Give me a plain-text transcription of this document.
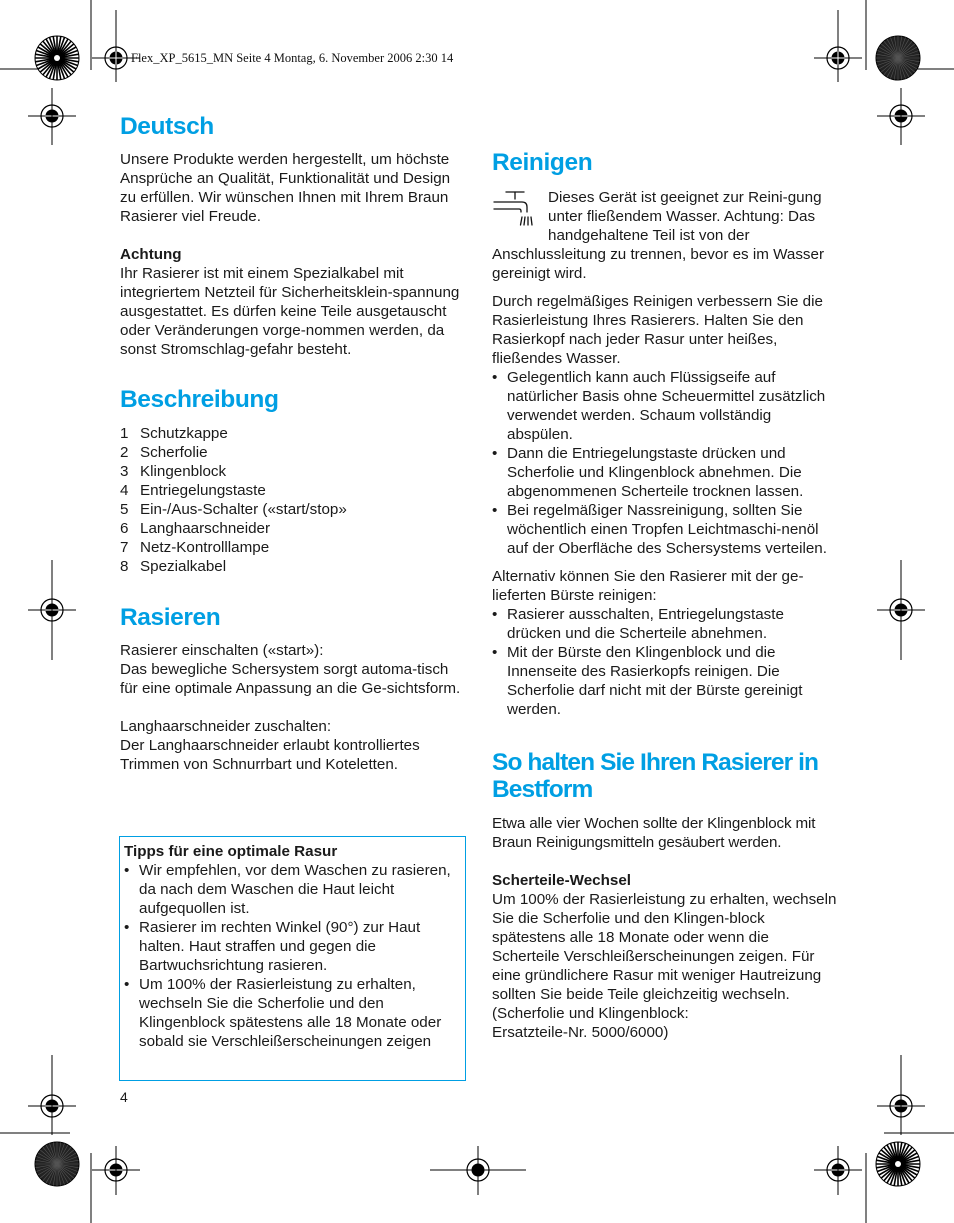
Flex_XP_5615_MN Seite 4 Montag, 6. November 2006 2:30 14
Deutsch

Unsere Produkte werden hergestellt, um höchste Ansprüche an Qualität, Funktionalität und Design zu erfüllen. Wir wünschen Ihnen mit Ihrem Braun Rasierer viel Freude.

Achtung

Ihr Rasierer ist mit einem Spezialkabel mit integriertem Netzteil für Sicherheitsklein-spannung ausgestattet. Es dürfen keine Teile ausgetauscht oder Veränderungen vorge-nommen werden, da sonst Stromschlag-gefahr besteht.

Beschreibung
1 Schutzkappe
2 Scherfolie
3 Klingenblock
4 Entriegelungstaste
5 Ein-/Aus-Schalter («start/stop»
6 Langhaarschneider
7 Netz-Kontrolllampe
8 Spezialkabel
Rasieren

Rasierer einschalten («start»):

Das bewegliche Schersystem sorgt automa-tisch für eine optimale Anpassung an die Ge-sichtsform.

Langhaarschneider zuschalten:

Der Langhaarschneider erlaubt kontrolliertes Trimmen von Schnurrbart und Koteletten.

Tipps für eine optimale Rasur

• Wir empfehlen, vor dem Waschen zu rasieren, da nach dem Waschen die Haut leicht aufgequollen ist.
• Rasierer im rechten Winkel (90°) zur Haut halten. Haut straffen und gegen die Bartwuchsrichtung rasieren.
• Um 100% der Rasierleistung zu erhalten, wechseln Sie die Scherfolie und den Klingenblock spätestens alle 18 Monate oder sobald sie Verschleißerscheinungen zeigen
4
Reinigen

Dieses Gerät ist geeignet zur Reini-gung unter fließendem Wasser. Achtung: Das handgehaltene Teil ist von der Anschlussleitung zu trennen, bevor es im Wasser gereinigt wird.

Durch regelmäßiges Reinigen verbessern Sie die Rasierleistung Ihres Rasierers. Halten Sie den Rasierkopf nach jeder Rasur unter heißes, fließendes Wasser.

• Gelegentlich kann auch Flüssigseife auf natürlicher Basis ohne Scheuermittel zusätzlich verwendet werden. Schaum vollständig abspülen.
• Dann die Entriegelungstaste drücken und Scherfolie und Klingenblock abnehmen. Die abgenommenen Scherteile trocknen lassen.
• Bei regelmäßiger Nassreinigung, sollten Sie wöchentlich einen Tropfen Leichtmaschi-nenöl auf der Oberfläche des Schersystems verteilen.

Alternativ können Sie den Rasierer mit der ge-lieferten Bürste reinigen:

• Rasierer ausschalten, Entriegelungstaste drücken und die Scherteile abnehmen.
• Mit der Bürste den Klingenblock und die Innenseite des Rasierkopfs reinigen. Die Scherfolie darf nicht mit der Bürste gereinigt werden.
So halten Sie Ihren Rasierer in Bestform

Etwa alle vier Wochen sollte der Klingenblock mit Braun Reinigungsmitteln gesäubert werden.

Scherteile-Wechsel

Um 100% der Rasierleistung zu erhalten, wechseln Sie die Scherfolie und den Klingen-block spätestens alle 18 Monate oder wenn die Scherteile Verschleißerscheinungen zeigen. Für eine gründlichere Rasur mit weniger Hautreizung sollten Sie beide Teile gleichzeitig wechseln.

(Scherfolie und Klingenblock:

Ersatzteile-Nr. 5000/6000)
